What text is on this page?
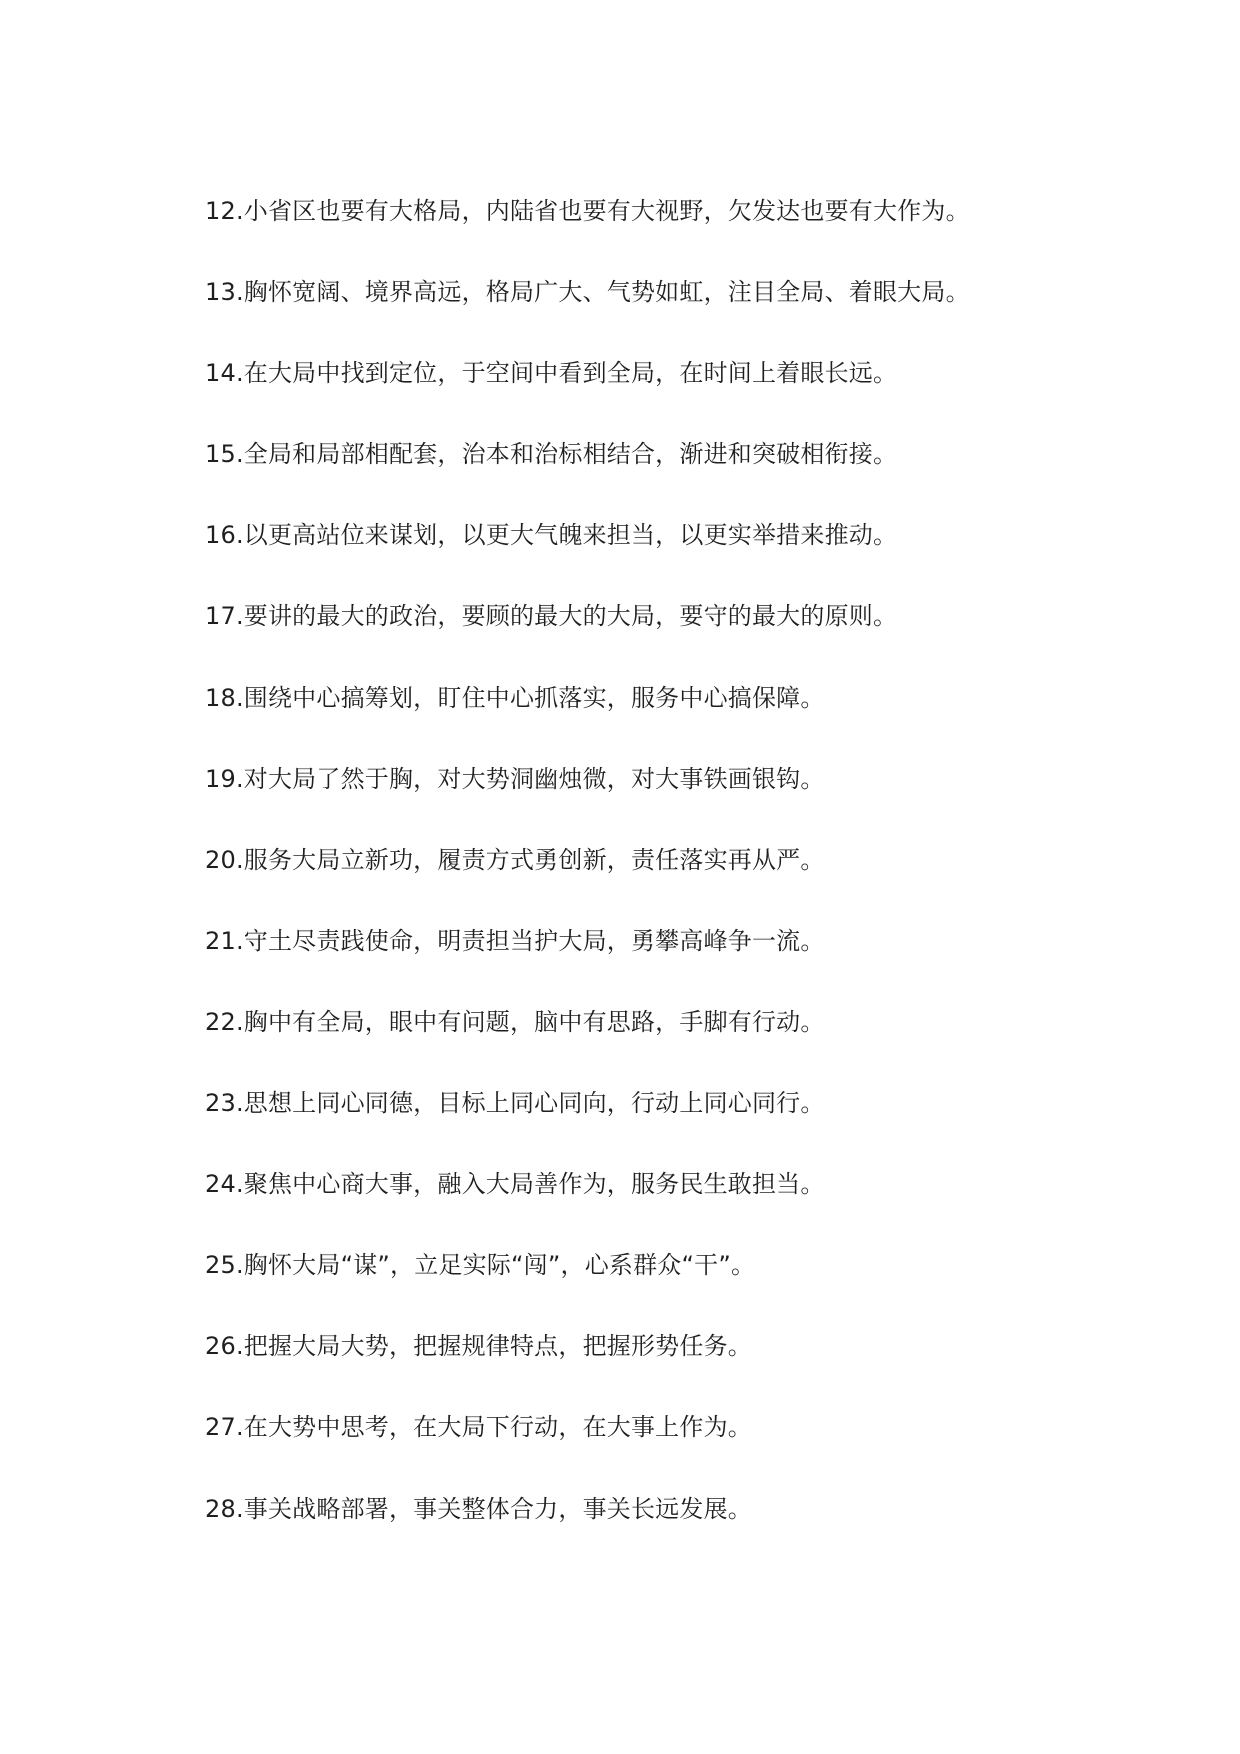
12.小省区也要有大格局，内陆省也要有大视野，欠发达也要有大作为。
13.胸怀宽阔、境界高远，格局广大、气势如虹，注目全局、着眼大局。
14.在大局中找到定位，于空间中看到全局，在时间上着眼长远。
15.全局和局部相配套，治本和治标相结合，渐进和突破相衔接。
16.以更高站位来谋划，以更大气魄来担当，以更实举措来推动。
17.要讲的最大的政治，要顾的最大的大局，要守的最大的原则。
18.围绕中心搞筹划，盯住中心抓落实，服务中心搞保障。
19.对大局了然于胸，对大势洞幽烛微，对大事铁画银钩。
20.服务大局立新功，履责方式勇创新，责任落实再从严。
21.守土尽责践使命，明责担当护大局，勇攀高峰争一流。
22.胸中有全局，眼中有问题，脑中有思路，手脚有行动。
23.思想上同心同德，目标上同心同向，行动上同心同行。
24.聚焦中心商大事，融入大局善作为，服务民生敢担当。
25.胸怀大局“谋”，立足实际“闯”，心系群众“干”。
26.把握大局大势，把握规律特点，把握形势任务。
27.在大势中思考，在大局下行动，在大事上作为。
28.事关战略部署，事关整体合力，事关长远发展。
